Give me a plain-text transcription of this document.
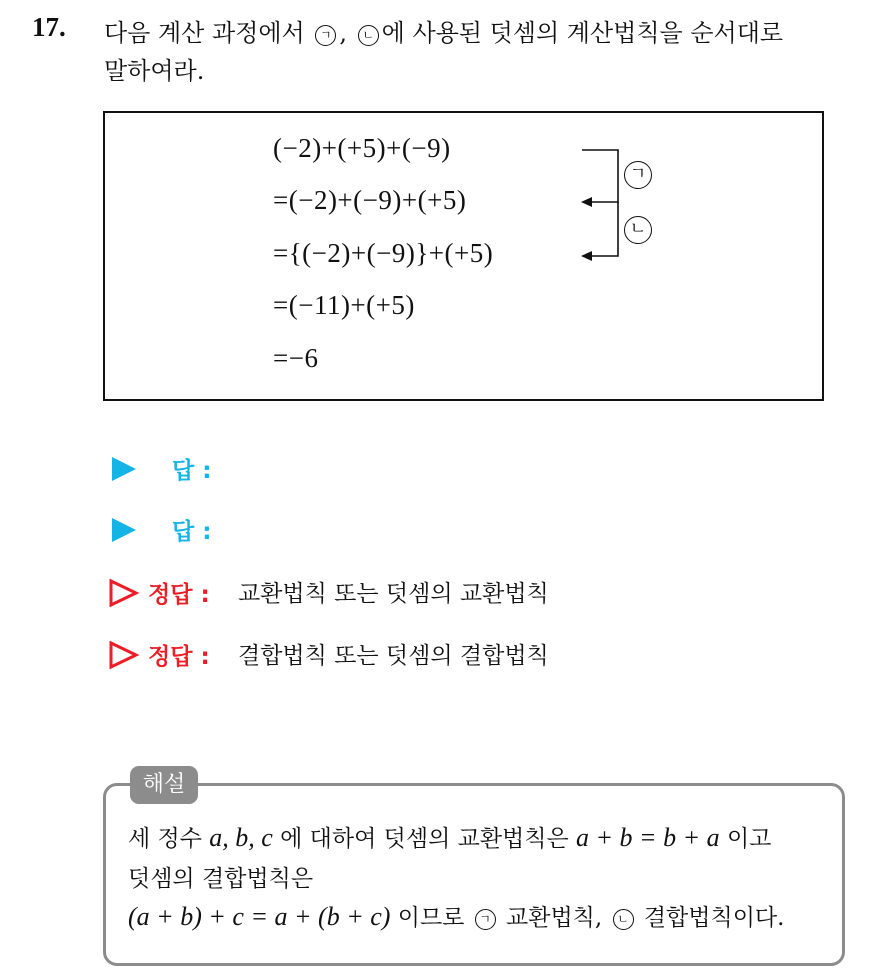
17. 다음 계산 과정에서 ㄱ , ㄴ 에 사용된 덧셈의 계산법칙을 순서대로
말하여라.
(−2)+(+5)+(−9)
=(−2)+(−9)+(+5)
={(−2)+(−9)}+(+5)
=(−11)+(+5)
=−6
ㄱ
ㄴ
답 :
답 :
정답 : 교환법칙 또는 덧셈의 교환법칙
정답 : 결합법칙 또는 덧셈의 결합법칙
해설
세 정수 a, b, c 에 대하여 덧셈의 교환법칙은 a + b = b + a 이고
덧셈의 결합법칙은
(a + b) + c = a + (b + c) 이므로 ㄱ 교환법칙, ㄴ 결합법칙이다.
